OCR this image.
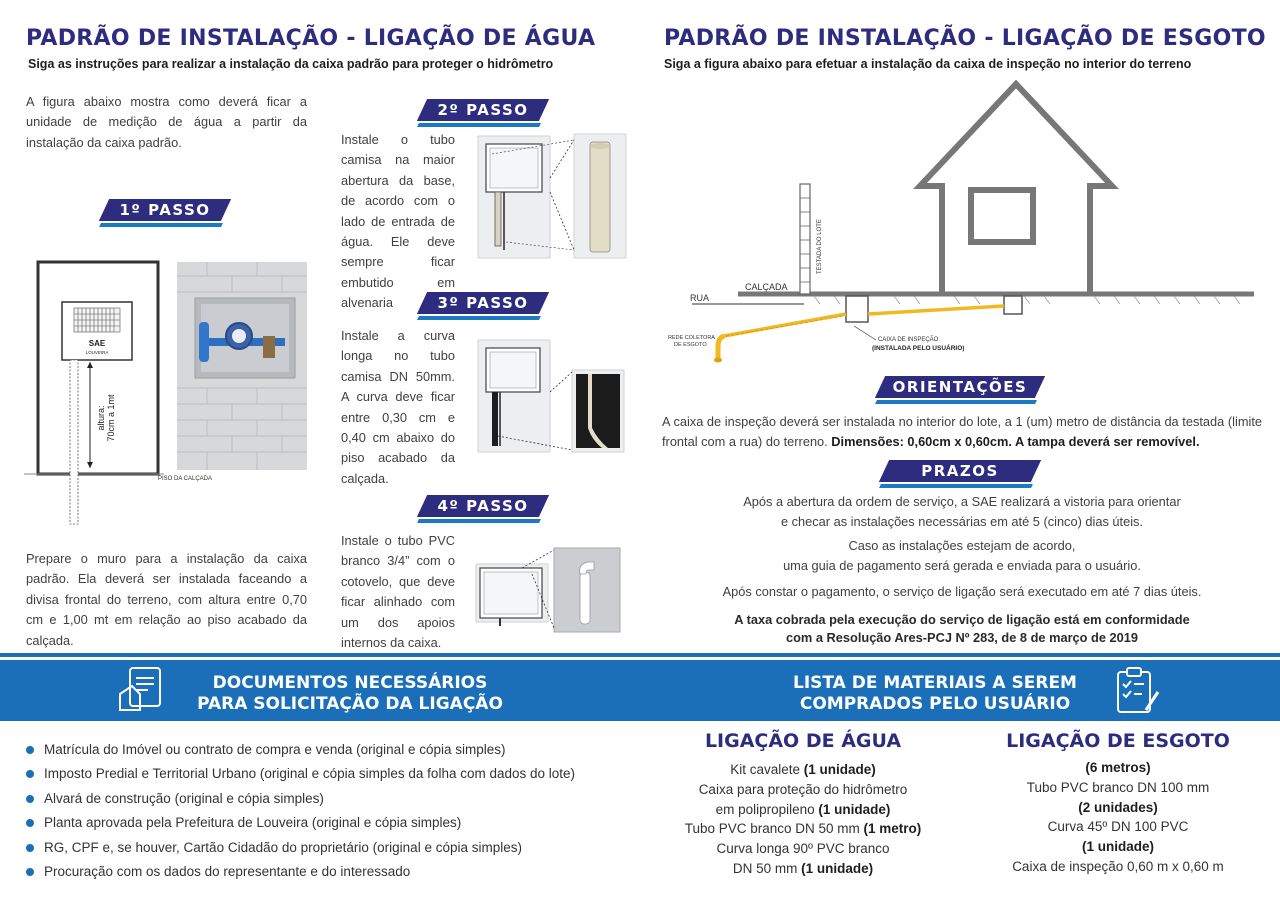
PADRÃO DE INSTALAÇÃO - LIGAÇÃO DE ÁGUA
Siga as instruções para realizar a instalação da caixa padrão para proteger o hidrômetro
A figura abaixo mostra como deverá ficar a unidade de medição de água a partir da instalação da caixa padrão.
1º PASSO
SAE
LOUVEIRA
altura: 70cm a 1mt
PISO DA CALÇADA
Prepare o muro para a instalação da caixa padrão. Ela deverá ser instalada faceando a divisa frontal do terreno, com altura entre 0,70 cm e 1,00 mt em relação ao piso acabado da calçada.
2º PASSO
Instale o tubo camisa na maior abertura da base, de acordo com o lado de entrada de água. Ele deve sempre ficar embutido em alvenaria	3º PASSO
Instale a curva longa no tubo camisa DN 50mm. A curva deve ficar entre 0,30 cm e 0,40 cm abaixo do piso acabado da calçada.
4º PASSO
Instale o tubo PVC branco 3/4” com o cotovelo, que deve ficar alinhado com um dos apoios internos da caixa.
PADRÃO DE INSTALAÇÃO - LIGAÇÃO DE ESGOTO
Siga a figura abaixo para efetuar a instalação da caixa de inspeção no interior do terreno
TESTADA DO LOTE
CALÇADA
RUA
REDE COLETORA
DE ESGOTO
CAIXA DE INSPEÇÃO
(INSTALADA PELO USUÁRIO)
ORIENTAÇÕES
A caixa de inspeção deverá ser instalada no interior do lote, a 1 (um) metro de distância da testada (limite frontal com a rua) do terreno. Dimensões: 0,60cm x 0,60cm. A tampa deverá ser removível.
PRAZOS
Após a abertura da ordem de serviço, a SAE realizará a vistoria para orientar
e checar as instalações necessárias em até 5 (cinco) dias úteis.
Caso as instalações estejam de acordo,
uma guia de pagamento será gerada e enviada para o usuário.
Após constar o pagamento, o serviço de ligação será executado em até 7 dias úteis.
A taxa cobrada pela execução do serviço de ligação está em conformidade
com a Resolução Ares-PCJ Nº 283, de 8 de março de 2019
DOCUMENTOS NECESSÁRIOS
PARA SOLICITAÇÃO DA LIGAÇÃO
LISTA DE MATERIAIS A SEREM
COMPRADOS PELO USUÁRIO
Matrícula do Imóvel ou contrato de compra e venda (original e cópia simples)
Imposto Predial e Territorial Urbano (original e cópia simples da folha com dados do lote)
Alvará de construção (original e cópia simples)
Planta aprovada pela Prefeitura de Louveira (original e cópia simples)
RG, CPF e, se houver, Cartão Cidadão do proprietário (original e cópia simples)
Procuração com os dados do representante e do interessado
LIGAÇÃO DE ÁGUA
Kit cavalete (1 unidade)
Caixa para proteção do hidrômetro
em polipropileno (1 unidade)
Tubo PVC branco DN 50 mm (1 metro)
Curva longa 90º PVC branco
DN 50 mm (1 unidade)
LIGAÇÃO DE ESGOTO
(6 metros)
Tubo PVC branco DN 100 mm
(2 unidades)
Curva 45º DN 100 PVC
(1 unidade)
Caixa de inspeção 0,60 m x 0,60 m
